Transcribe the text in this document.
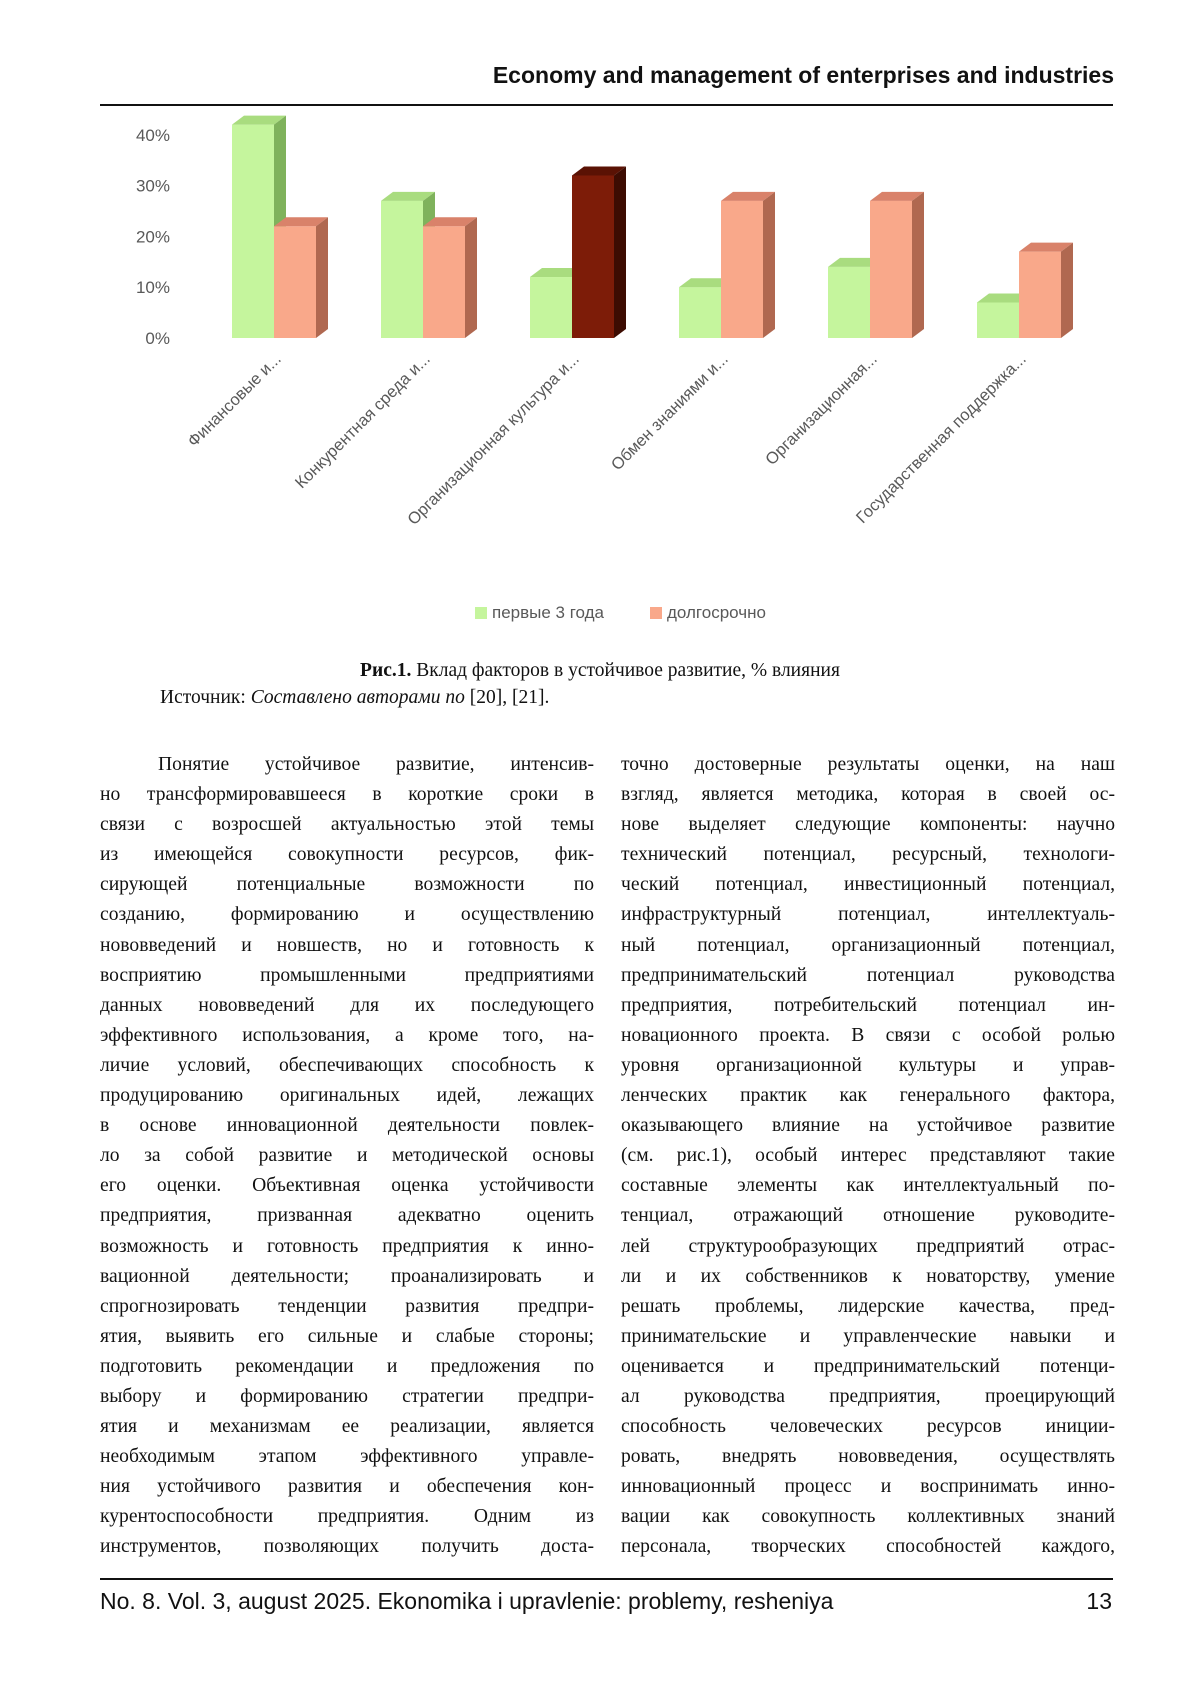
Economy and management of enterprises and industries
0%
10%
20%
30%
40%
Финансовые и... Конкурентная среда и...
Организационная культура и... Обмен знаниями и... Организационная...
Государственная поддержка...
первые 3 года	долгосрочно
Рис.1. Вклад факторов в устойчивое развитие, % влияния
Источник: Составлено авторами по [20], [21].
Понятие устойчивое развитие, интенсив-
но трансформировавшееся в короткие сроки в
связи с возросшей актуальностью этой темы
из имеющейся совокупности ресурсов, фик-
сирующей потенциальные возможности по
созданию, формированию и осуществлению
нововведений и новшеств, но и готовность к
восприятию промышленными предприятиями
данных нововведений для их последующего
эффективного использования, а кроме того, на-
личие условий, обеспечивающих способность к
продуцированию оригинальных идей, лежащих
в основе инновационной деятельности повлек-
ло за собой развитие и методической основы
его оценки. Объективная оценка устойчивости
предприятия, призванная адекватно оценить
возможность и готовность предприятия к инно-
вационной деятельности; проанализировать и
спрогнозировать тенденции развития предпри-
ятия, выявить его сильные и слабые стороны;
подготовить рекомендации и предложения по
выбору и формированию стратегии предпри-
ятия и механизмам ее реализации, является
необходимым этапом эффективного управле-
ния устойчивого развития и обеспечения кон-
курентоспособности предприятия. Одним из
инструментов, позволяющих получить доста-
точно достоверные результаты оценки, на наш
взгляд, является методика, которая в своей ос-
нове выделяет следующие компоненты: научно
технический потенциал, ресурсный, технологи-
ческий потенциал, инвестиционный потенциал,
инфраструктурный потенциал, интеллектуаль-
ный потенциал, организационный потенциал,
предпринимательский потенциал руководства
предприятия, потребительский потенциал ин-
новационного проекта. В связи с особой ролью
уровня организационной культуры и управ-
ленческих практик как генерального фактора,
оказывающего влияние на устойчивое развитие
(см. рис.1), особый интерес представляют такие
составные элементы как интеллектуальный по-
тенциал, отражающий отношение руководите-
лей структурообразующих предприятий отрас-
ли и их собственников к новаторству, умение
решать проблемы, лидерские качества, пред-
принимательские и управленческие навыки и
оценивается и предпринимательский потенци-
ал руководства предприятия, проецирующий
способность человеческих ресурсов иниции-
ровать, внедрять нововведения, осуществлять
инновационный процесс и воспринимать инно-
вации как совокупность коллективных знаний
персонала, творческих способностей каждого,
No. 8. Vol. 3, august 2025. Ekonomika i upravlenie: problemy, resheniya	13
